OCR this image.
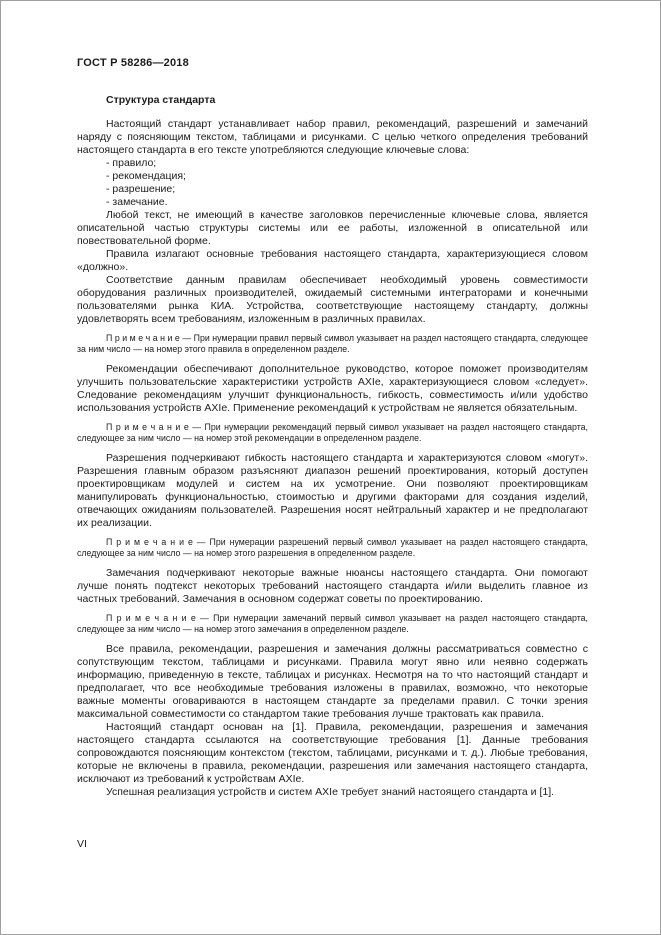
ГОСТ Р 58286—2018

Структура стандарта

Настоящий стандарт устанавливает набор правил, рекомендаций, разрешений и замечаний наряду с поясняющим текстом, таблицами и рисунками. С целью четкого определения требований настоящего стандарта в его тексте употребляются следующие ключевые слова:

- правило;

- рекомендация;

- разрешение;

- замечание.

Любой текст, не имеющий в качестве заголовков перечисленные ключевые слова, является описательной частью структуры системы или ее работы, изложенной в описательной или повествовательной форме.

Правила излагают основные требования настоящего стандарта, характеризующиеся словом «должно».

Соответствие данным правилам обеспечивает необходимый уровень совместимости оборудования различных производителей, ожидаемый системными интеграторами и конечными пользователями рынка КИА. Устройства, соответствующие настоящему стандарту, должны удовлетворять всем требованиям, изложенным в различных правилах.

П р и м е ч а н и е — При нумерации правил первый символ указывает на раздел настоящего стандарта, следующее за ним число — на номер этого правила в определенном разделе.

Рекомендации обеспечивают дополнительное руководство, которое поможет производителям улучшить пользовательские характеристики устройств AXIe, характеризующиеся словом «следует». Следование рекомендациям улучшит функциональность, гибкость, совместимость и/или удобство использования устройств AXIe. Применение рекомендаций к устройствам не является обязательным.

П р и м е ч а н и е — При нумерации рекомендаций первый символ указывает на раздел настоящего стандарта, следующее за ним число — на номер этой рекомендации в определенном разделе.

Разрешения подчеркивают гибкость настоящего стандарта и характеризуются словом «могут». Разрешения главным образом разъясняют диапазон решений проектирования, который доступен проектировщикам модулей и систем на их усмотрение. Они позволяют проектировщикам манипулировать функциональностью, стоимостью и другими факторами для создания изделий, отвечающих ожиданиям пользователей. Разрешения носят нейтральный характер и не предполагают их реализации.

П р и м е ч а н и е — При нумерации разрешений первый символ указывает на раздел настоящего стандарта, следующее за ним число — на номер этого разрешения в определенном разделе.

Замечания подчеркивают некоторые важные нюансы настоящего стандарта. Они помогают лучше понять подтекст некоторых требований настоящего стандарта и/или выделить главное из частных требований. Замечания в основном содержат советы по проектированию.

П р и м е ч а н и е — При нумерации замечаний первый символ указывает на раздел настоящего стандарта, следующее за ним число — на номер этого замечания в определенном разделе.

Все правила, рекомендации, разрешения и замечания должны рассматриваться совместно с сопутствующим текстом, таблицами и рисунками. Правила могут явно или неявно содержать информацию, приведенную в тексте, таблицах и рисунках. Несмотря на то что настоящий стандарт и предполагает, что все необходимые требования изложены в правилах, возможно, что некоторые важные моменты оговариваются в настоящем стандарте за пределами правил. С точки зрения максимальной совместимости со стандартом такие требования лучше трактовать как правила.

Настоящий стандарт основан на [1]. Правила, рекомендации, разрешения и замечания настоящего стандарта ссылаются на соответствующие требования [1]. Данные требования сопровождаются поясняющим контекстом (текстом, таблицами, рисунками и т. д.). Любые требования, которые не включены в правила, рекомендации, разрешения или замечания настоящего стандарта, исключают из требований к устройствам AXIe.

Успешная реализация устройств и систем AXIe требует знаний настоящего стандарта и [1].

VI
